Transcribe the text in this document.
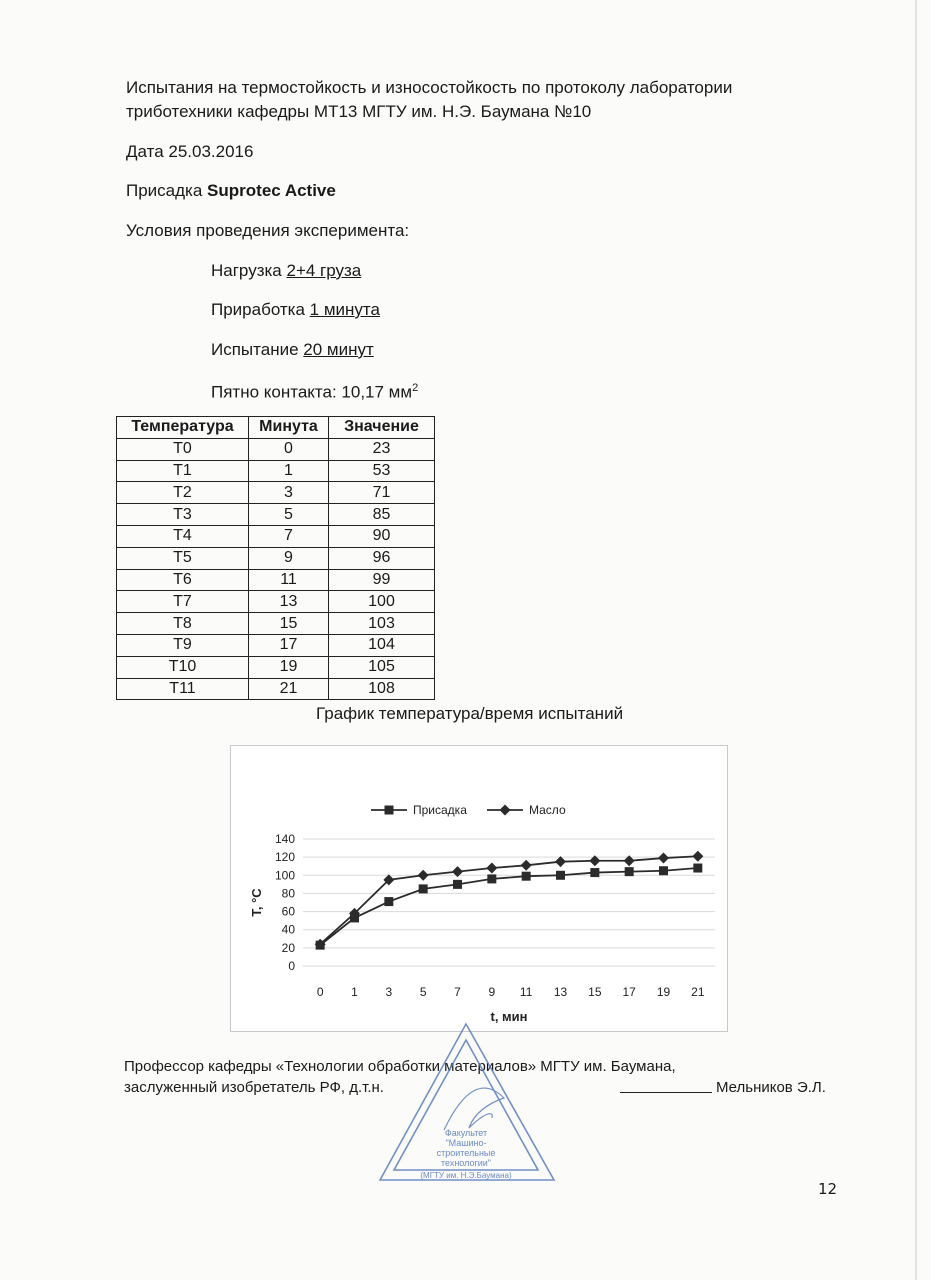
Испытания на термостойкость и износостойкость по протоколу лаборатории
триботехники кафедры МТ13 МГТУ им. Н.Э. Баумана №10
Дата 25.03.2016
Присадка Suprotec Active
Условия проведения эксперимента:
Нагрузка 2+4 груза
Приработка 1 минута
Испытание 20 минут
Пятно контакта: 10,17 $мм^2$
Температура	Минута	Значение
T0	0	23
T1	1	53
T2	3	71
T3	5	85
T4	7	90
T5	9	96
T6	11	99
T7	13	100
T8	15	103
T9	17	104
T10	19	105
T11	21	108
График температура/время испытаний
0
20
40
60
80
100
120
140
0 1 3 5 7 9 11 13 15 17 19 21
t, мин
T, °C
Присадка	Масло
Профессор кафедры «Технологии обработки материалов» МГТУ им. Баумана,
заслуженный изобретатель РФ, д.т.н.	Мельников Э.Л.
Факультет
"Машино-
строительные
технологии"
(МГТУ им. Н.Э.Баумана)
12
